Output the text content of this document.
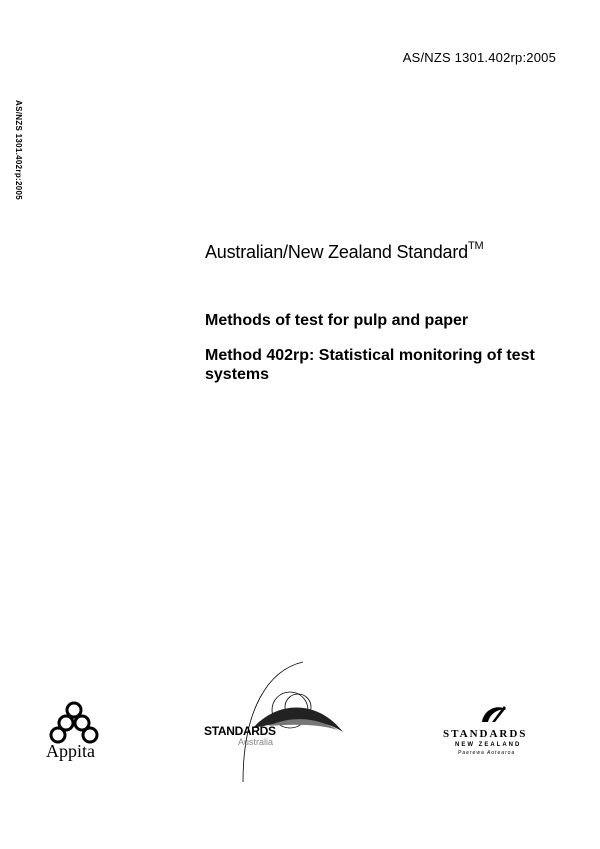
AS/NZS 1301.402rp:2005
AS/NZS 1301.402rp:2005
Australian/New Zealand Standard™
Methods of test for pulp and paper
Method 402rp: Statistical monitoring of test systems
Appita
STANDARDS
Australia
STANDARDS
NEW ZEALAND
Paerewa Aotearoa
